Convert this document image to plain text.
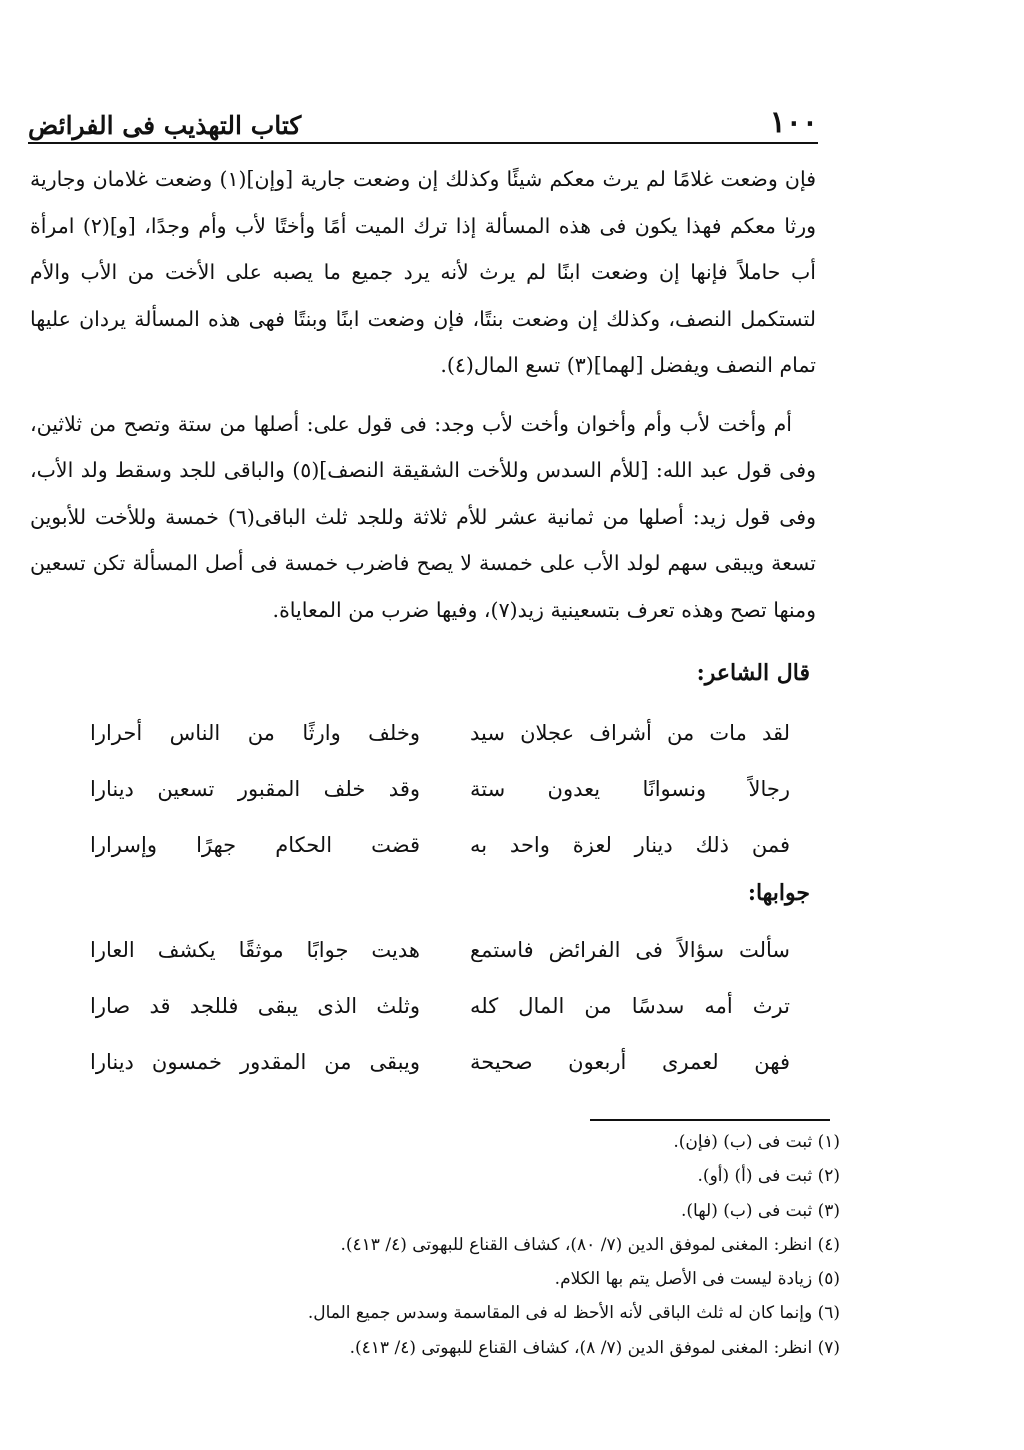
١٠٠
كتاب التهذيب فى الفرائض

فإن وضعت غلامًا لم يرث معكم شيئًا وكذلك إن وضعت جارية [وإن](١) وضعت غلامان وجارية ورثا معكم فهذا يكون فى هذه المسألة إذا ترك الميت أمًا وأختًا لأب وأم وجدًا، [و](٢) امرأة أب حاملاً فإنها إن وضعت ابنًا لم يرث لأنه يرد جميع ما يصبه على الأخت من الأب والأم لتستكمل النصف، وكذلك إن وضعت بنتًا، فإن وضعت ابنًا وبنتًا فهى هذه المسألة يردان عليها تمام النصف ويفضل [لهما](٣) تسع المال(٤).

أم وأخت لأب وأم وأخوان وأخت لأب وجد: فى قول على: أصلها من ستة وتصح من ثلاثين، وفى قول عبد الله: [للأم السدس وللأخت الشقيقة النصف](٥) والباقى للجد وسقط ولد الأب، وفى قول زيد: أصلها من ثمانية عشر للأم ثلاثة وللجد ثلث الباقى(٦) خمسة وللأخت للأبوين تسعة ويبقى سهم لولد الأب على خمسة لا يصح فاضرب خمسة فى أصل المسألة تكن تسعين ومنها تصح وهذه تعرف بتسعينية زيد(٧)، وفيها ضرب من المعاياة.

قال الشاعر:
لقد مات من أشراف عجلان سيد
وخلف وارثًا من الناس أحرارا
رجالاً ونسوانًا يعدون ستة
وقد خلف المقبور تسعين دينارا
فمن ذلك دينار لعزة واحد به
قضت الحكام جهرًا وإسرارا
جوابها:
سألت سؤالاً فى الفرائض فاستمع
هديت جوابًا موثقًا يكشف العارا
ترث أمه سدسًا من المال كله
وثلث الذى يبقى فللجد قد صارا
فهن لعمرى أربعون صحيحة
ويبقى من المقدور خمسون دينارا
(١) ثبت فى (ب) (فإن).
(٢) ثبت فى (أ) (أو).
(٣) ثبت فى (ب) (لها).
(٤) انظر: المغنى لموفق الدين (٧/ ٨٠)، كشاف القناع للبهوتى (٤/ ٤١٣).
(٥) زيادة ليست فى الأصل يتم بها الكلام.
(٦) وإنما كان له ثلث الباقى لأنه الأحظ له فى المقاسمة وسدس جميع المال.
(٧) انظر: المغنى لموفق الدين (٧/ ٨)، كشاف القناع للبهوتى (٤/ ٤١٣).
